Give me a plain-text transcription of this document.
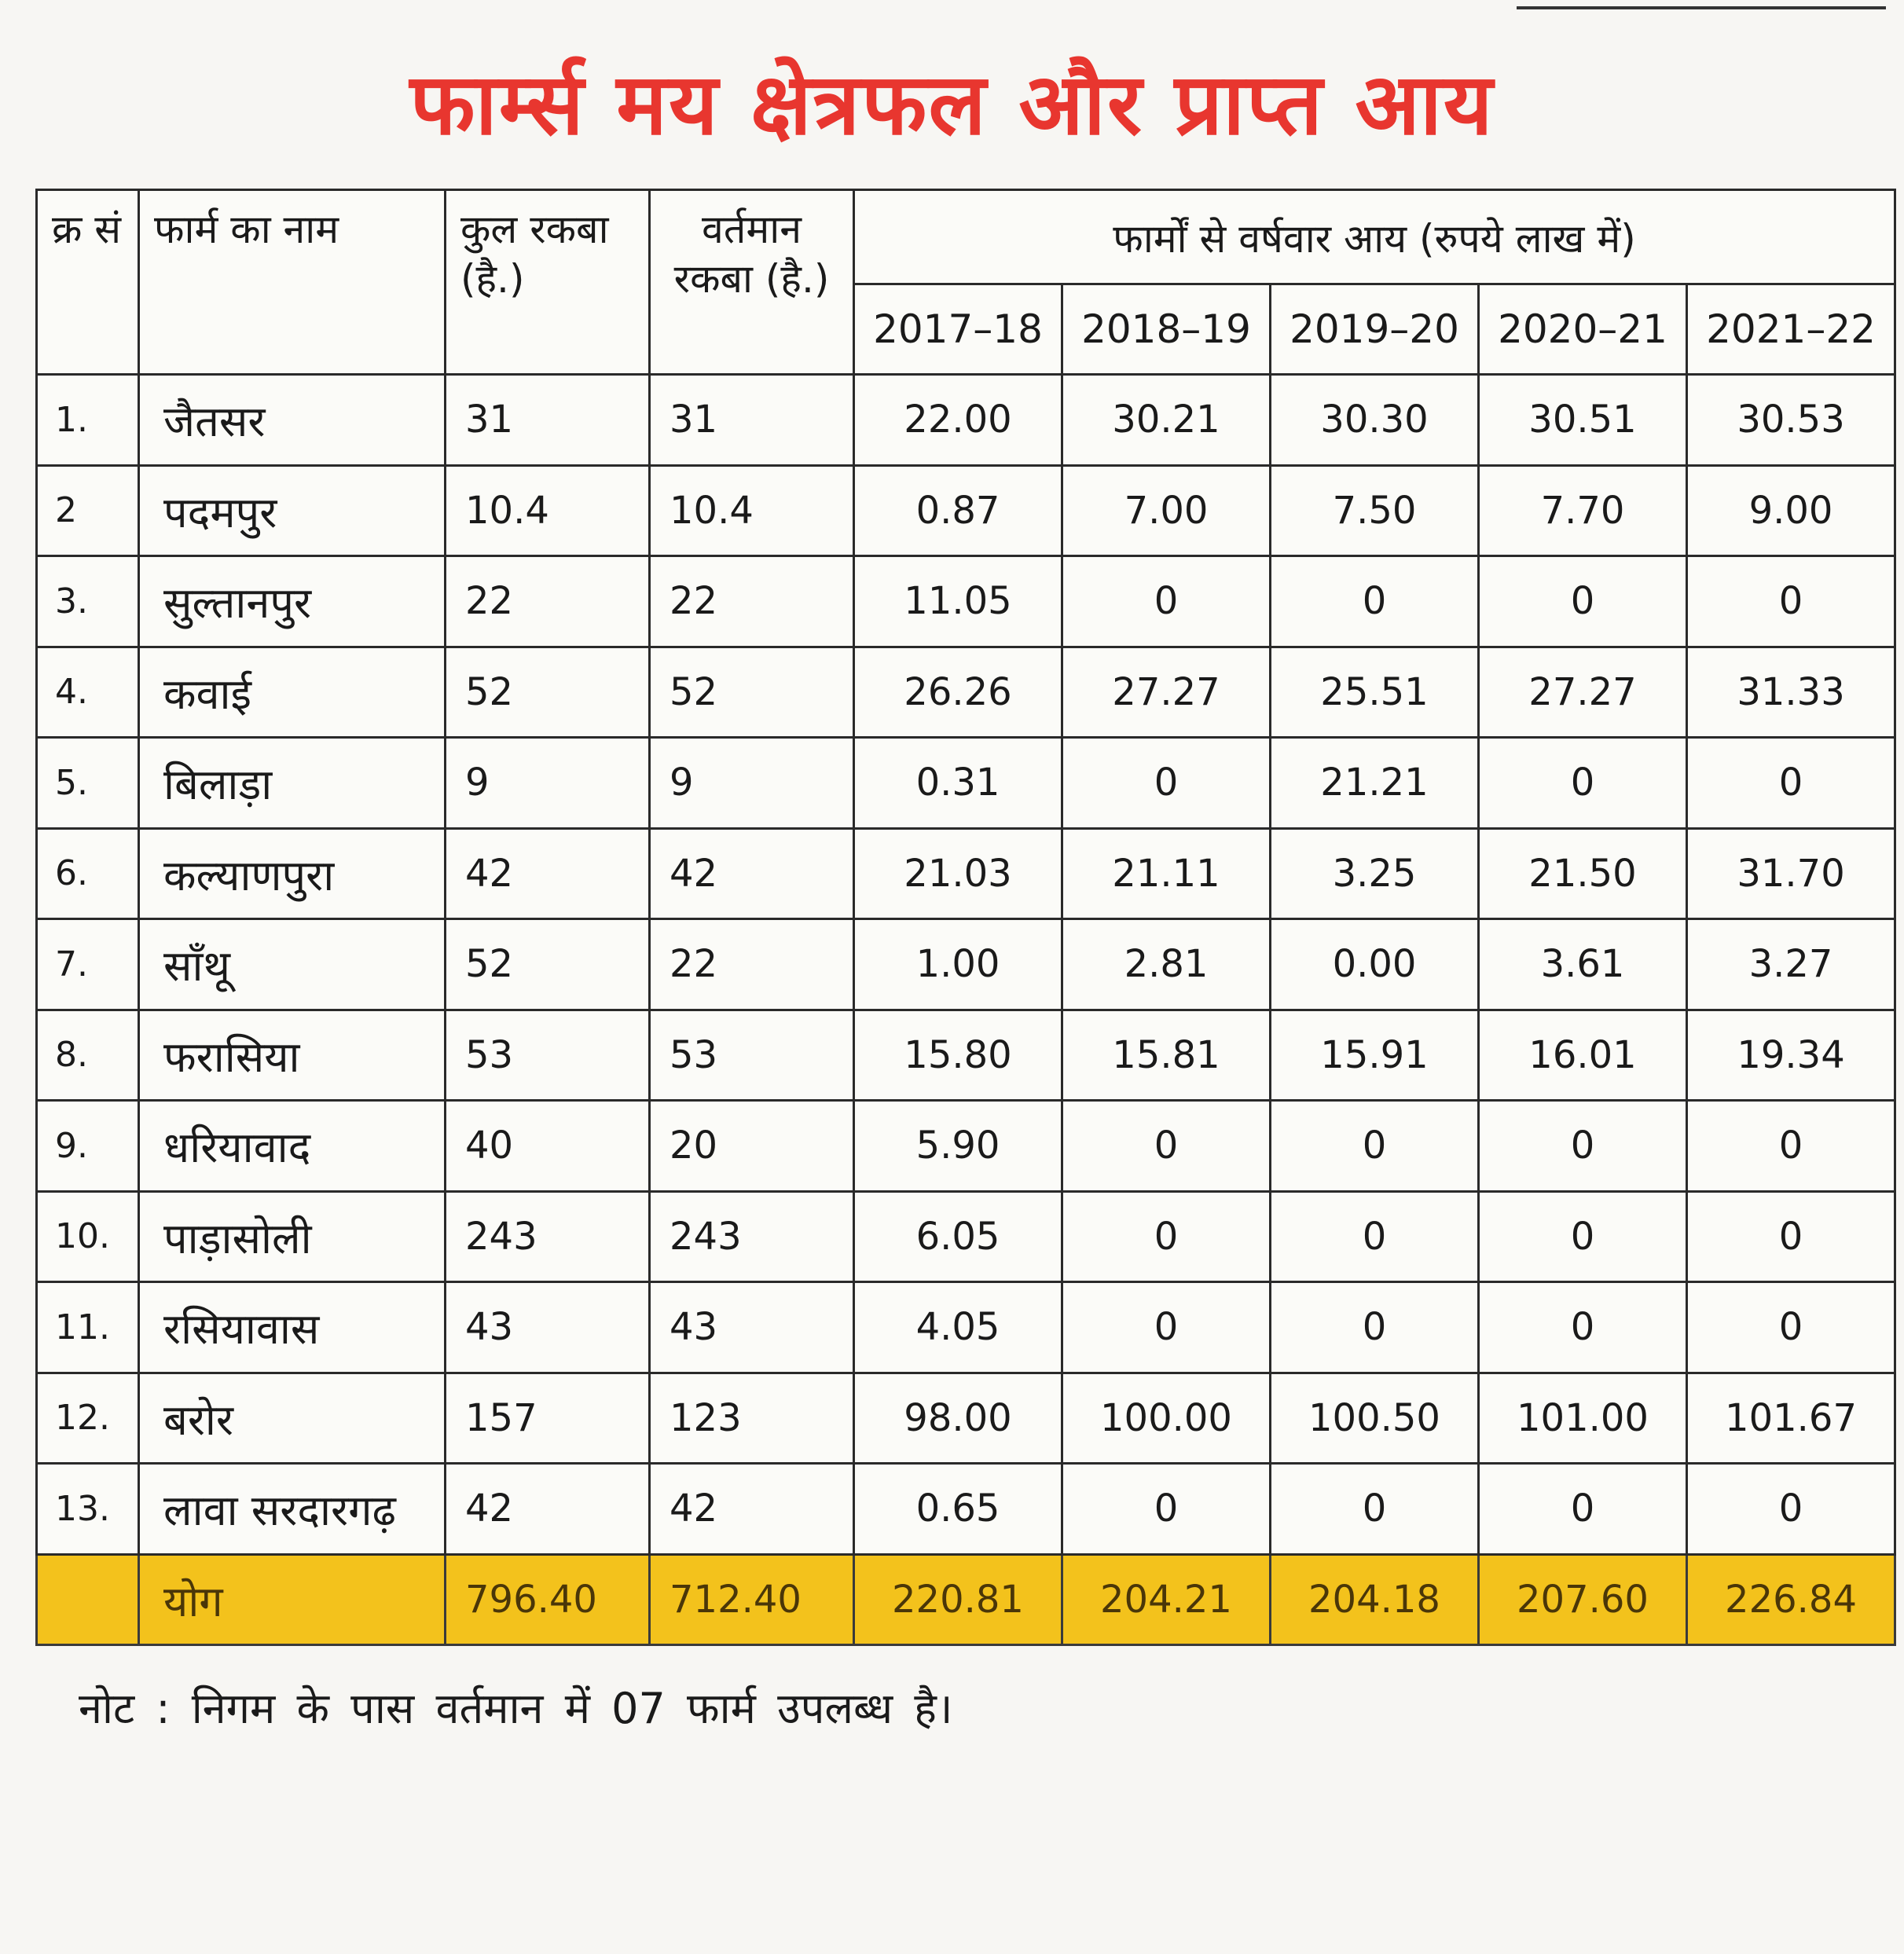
फार्म्स मय क्षेत्रफल और प्राप्त आय
क्र सं	फार्म का नाम	कुल रकबा (है.)	वर्तमान रकबा (है.)	फार्मों से वर्षवार आय (रुपये लाख में)				
				2017–18	2018–19	2019–20	2020–21	2021–22
1.	जैतसर	31	31	22.00	30.21	30.30	30.51	30.53
2	पदमपुर	10.4	10.4	0.87	7.00	7.50	7.70	9.00
3.	सुल्तानपुर	22	22	11.05	0	0	0	0
4.	कवाई	52	52	26.26	27.27	25.51	27.27	31.33
5.	बिलाड़ा	9	9	0.31	0	21.21	0	0
6.	कल्याणपुरा	42	42	21.03	21.11	3.25	21.50	31.70
7.	साँथू	52	22	1.00	2.81	0.00	3.61	3.27
8.	फरासिया	53	53	15.80	15.81	15.91	16.01	19.34
9.	धरियावाद	40	20	5.90	0	0	0	0
10.	पाड़ासोली	243	243	6.05	0	0	0	0
11.	रसियावास	43	43	4.05	0	0	0	0
12.	बरोर	157	123	98.00	100.00	100.50	101.00	101.67
13.	लावा सरदारगढ़	42	42	0.65	0	0	0	0
	योग	796.40	712.40	220.81	204.21	204.18	207.60	226.84
नोट : निगम के पास वर्तमान में 07 फार्म उपलब्ध है।
